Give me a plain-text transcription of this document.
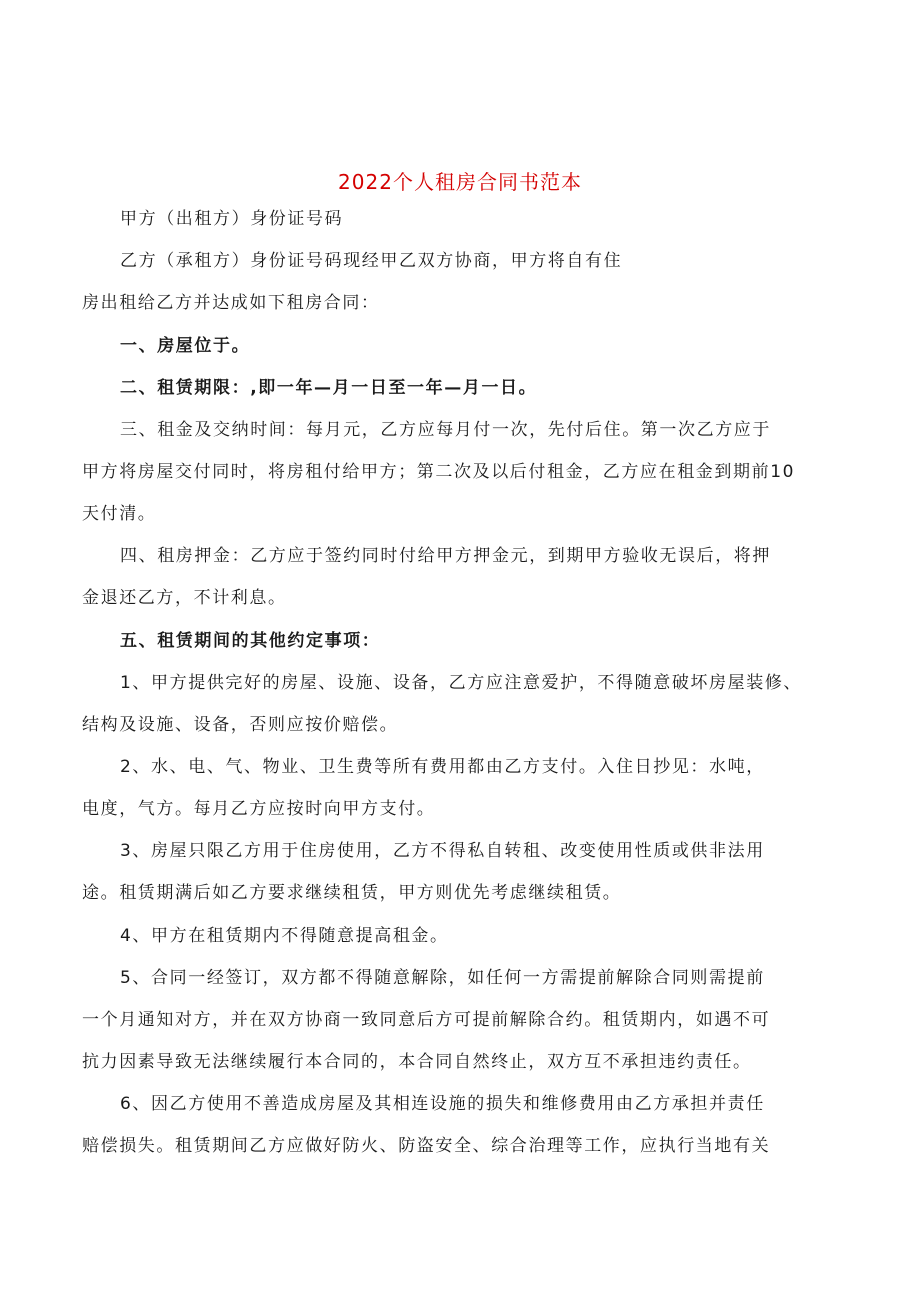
2022个人租房合同书范本
甲方（出租方）身份证号码
乙方（承租方）身份证号码现经甲乙双方协商，甲方将自有住
房出租给乙方并达成如下租房合同：
一、房屋位于。
二、租赁期限：,即一年—月一日至一年—月一日。
三、租金及交纳时间：每月元，乙方应每月付一次，先付后住。第一次乙方应于
甲方将房屋交付同时，将房租付给甲方；第二次及以后付租金，乙方应在租金到期前10
天付清。
四、租房押金：乙方应于签约同时付给甲方押金元，到期甲方验收无误后，将押
金退还乙方，不计利息。
五、租赁期间的其他约定事项：
1、甲方提供完好的房屋、设施、设备，乙方应注意爱护，不得随意破坏房屋装修、
结构及设施、设备，否则应按价赔偿。
2、水、电、气、物业、卫生费等所有费用都由乙方支付。入住日抄见：水吨，
电度，气方。每月乙方应按时向甲方支付。
3、房屋只限乙方用于住房使用，乙方不得私自转租、改变使用性质或供非法用
途。租赁期满后如乙方要求继续租赁，甲方则优先考虑继续租赁。
4、甲方在租赁期内不得随意提高租金。
5、合同一经签订，双方都不得随意解除，如任何一方需提前解除合同则需提前
一个月通知对方，并在双方协商一致同意后方可提前解除合约。租赁期内，如遇不可
抗力因素导致无法继续履行本合同的，本合同自然终止，双方互不承担违约责任。
6、因乙方使用不善造成房屋及其相连设施的损失和维修费用由乙方承担并责任
赔偿损失。租赁期间乙方应做好防火、防盗安全、综合治理等工作，应执行当地有关
